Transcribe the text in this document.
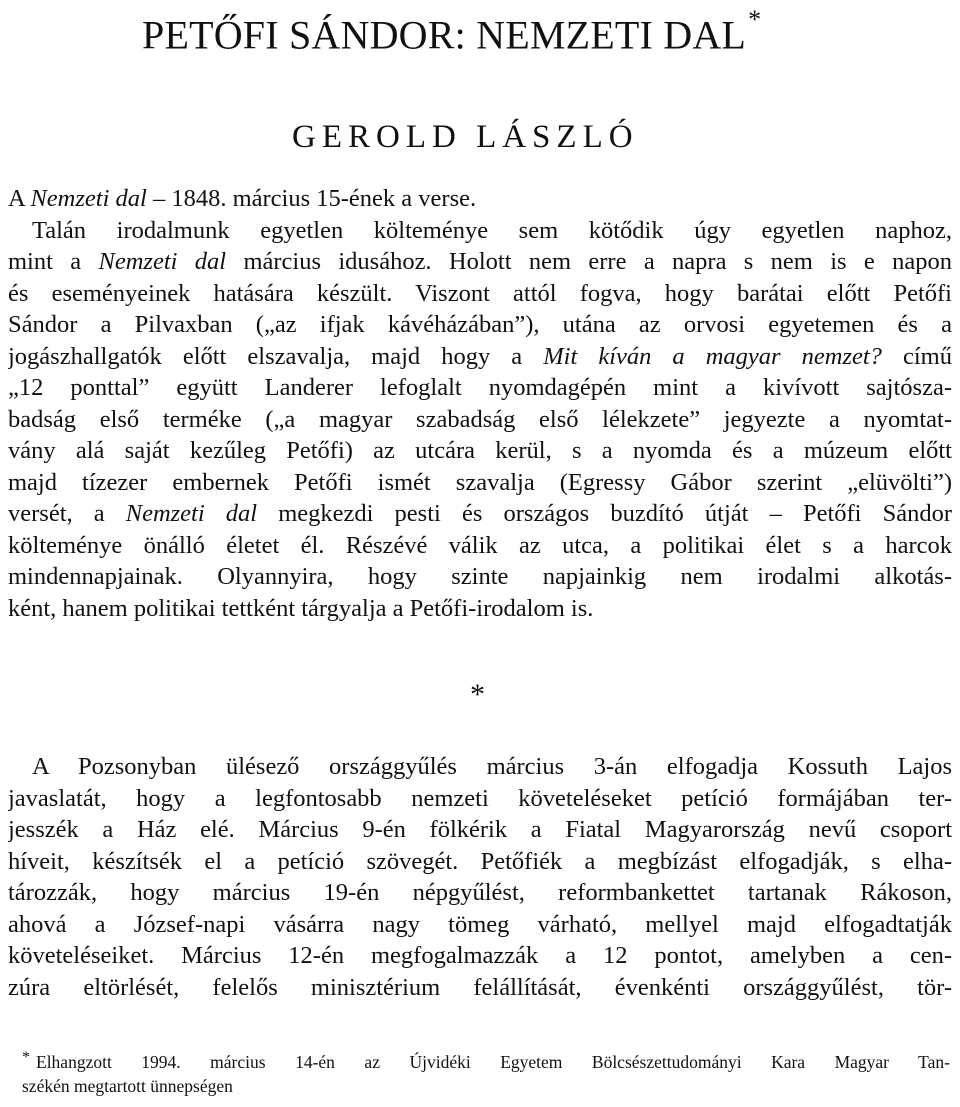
PETŐFI SÁNDOR: NEMZETI DAL*
GEROLD LÁSZLÓ
A Nemzeti dal – 1848. március 15-ének a verse.
Talán irodalmunk egyetlen költeménye sem kötődik úgy egyetlen naphoz,
mint a Nemzeti dal március idusához. Holott nem erre a napra s nem is e napon
és eseményeinek hatására készült. Viszont attól fogva, hogy barátai előtt Petőfi
Sándor a Pilvaxban („az ifjak kávéházában”), utána az orvosi egyetemen és a
jogászhallgatók előtt elszavalja, majd hogy a Mit kíván a magyar nemzet? című
„12 ponttal” együtt Landerer lefoglalt nyomdagépén mint a kivívott sajtósza-
badság első terméke („a magyar szabadság első lélekzete” jegyezte a nyomtat-
vány alá saját kezűleg Petőfi) az utcára kerül, s a nyomda és a múzeum előtt
majd tízezer embernek Petőfi ismét szavalja (Egressy Gábor szerint „elüvölti”)
versét, a Nemzeti dal megkezdi pesti és országos buzdító útját – Petőfi Sándor
költeménye önálló életet él. Részévé válik az utca, a politikai élet s a harcok
mindennapjainak. Olyannyira, hogy szinte napjainkig nem irodalmi alkotás-
ként, hanem politikai tettként tárgyalja a Petőfi-irodalom is.
*
A Pozsonyban ülésező országgyűlés március 3-án elfogadja Kossuth Lajos
javaslatát, hogy a legfontosabb nemzeti követeléseket petíció formájában ter-
jesszék a Ház elé. Március 9-én fölkérik a Fiatal Magyarország nevű csoport
híveit, készítsék el a petíció szövegét. Petőfiék a megbízást elfogadják, s elha-
tározzák, hogy március 19-én népgyűlést, reformbankettet tartanak Rákoson,
ahová a József-napi vásárra nagy tömeg várható, mellyel majd elfogadtatják
követeléseiket. Március 12-én megfogalmazzák a 12 pontot, amelyben a cen-
zúra eltörlését, felelős minisztérium felállítását, évenkénti országgyűlést, tör-
* Elhangzott 1994. március 14-én az Újvidéki Egyetem Bölcsészettudományi Kara Magyar Tan-
székén megtartott ünnepségen
